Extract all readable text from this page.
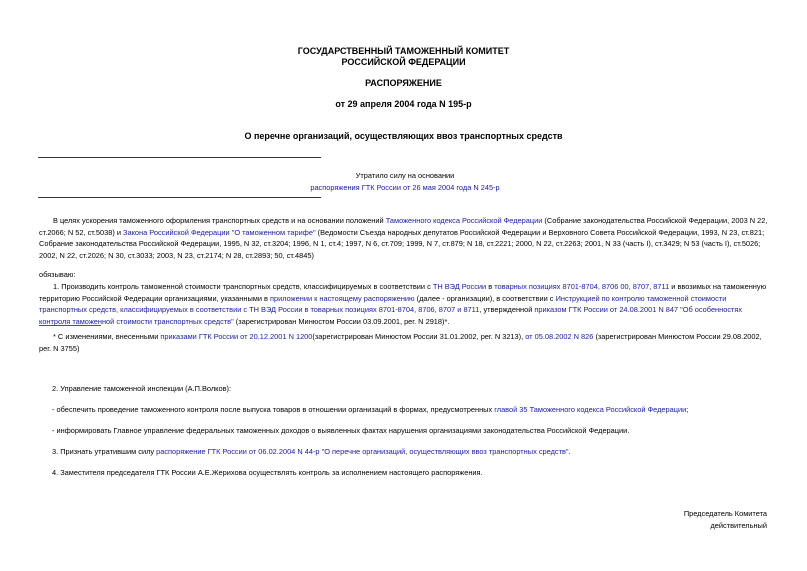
ГОСУДАРСТВЕННЫЙ ТАМОЖЕННЫЙ КОМИТЕТ
РОССИЙСКОЙ ФЕДЕРАЦИИ
РАСПОРЯЖЕНИЕ
от 29 апреля 2004 года N 195-р
О перечне организаций, осуществляющих ввоз транспортных средств
Утратило силу на основании
распоряжения ГТК России от 26 мая 2004 года N 245-р
В целях ускорения таможенного оформления транспортных средств и на основании положений Таможенного кодекса Российской Федерации (Собрание законодательства Российской Федерации, 2003 N 22, ст.2066; N 52, ст.5038) и Закона Российской Федерации "О таможенном тарифе" (Ведомости Съезда народных депутатов Российской Федерации и Верховного Совета Российской Федерации, 1993, N 23, ст.821; Собрание законодательства Российской Федерации, 1995, N 32, ст.3204; 1996, N 1, ст.4; 1997, N 6, ст.709; 1999, N 7, ст.879; N 18, ст.2221; 2000, N 22, ст.2263; 2001, N 33 (часть I), ст.3429; N 53 (часть I), ст.5026; 2002, N 22, ст.2026; N 30, ст.3033; 2003, N 23, ст.2174; N 28, ст.2893; 50, ст.4845)
обязываю:
1. Производить контроль таможенной стоимости транспортных средств, классифицируемых в соответствии с ТН ВЭД России в товарных позициях 8701-8704, 8706 00, 8707, 8711 и ввозимых на таможенную территорию Российской Федерации организациями, указанными в приложении к настоящему распоряжению (далее - организации), в соответствии с Инструкцией по контролю таможенной стоимости транспортных средств, классифицируемых в соответствии с ТН ВЭД России в товарных позициях 8701-8704, 8706, 8707 и 8711, утвержденной приказом ГТК России от 24.08.2001 N 847 "Об особенностях контроля таможенной стоимости транспортных средств" (зарегистрирован Минюстом России 03.09.2001, рег. N 2918)*.
* С изменениями, внесенными приказами ГТК России от 20.12.2001 N 1200(зарегистрирован Минюстом России 31.01.2002, рег. N 3213), от 05.08.2002 N 826 (зарегистрирован Минюстом России 29.08.2002, рег. N 3755)
2. Управление таможенной инспекции (А.П.Волков):
- обеспечить проведение таможенного контроля после выпуска товаров в отношении организаций в формах, предусмотренных главой 35 Таможенного кодекса Российской Федерации;
- информировать Главное управление федеральных таможенных доходов о выявленных фактах нарушения организациями законодательства Российской Федерации.
3. Признать утратившим силу распоряжение ГТК России от 06.02.2004 N 44-р "О перечне организаций, осуществляющих ввоз транспортных средств".
4. Заместителя председателя ГТК России А.Е.Жерихова осуществлять контроль за исполнением настоящего распоряжения.
Председатель Комитета
действительный
